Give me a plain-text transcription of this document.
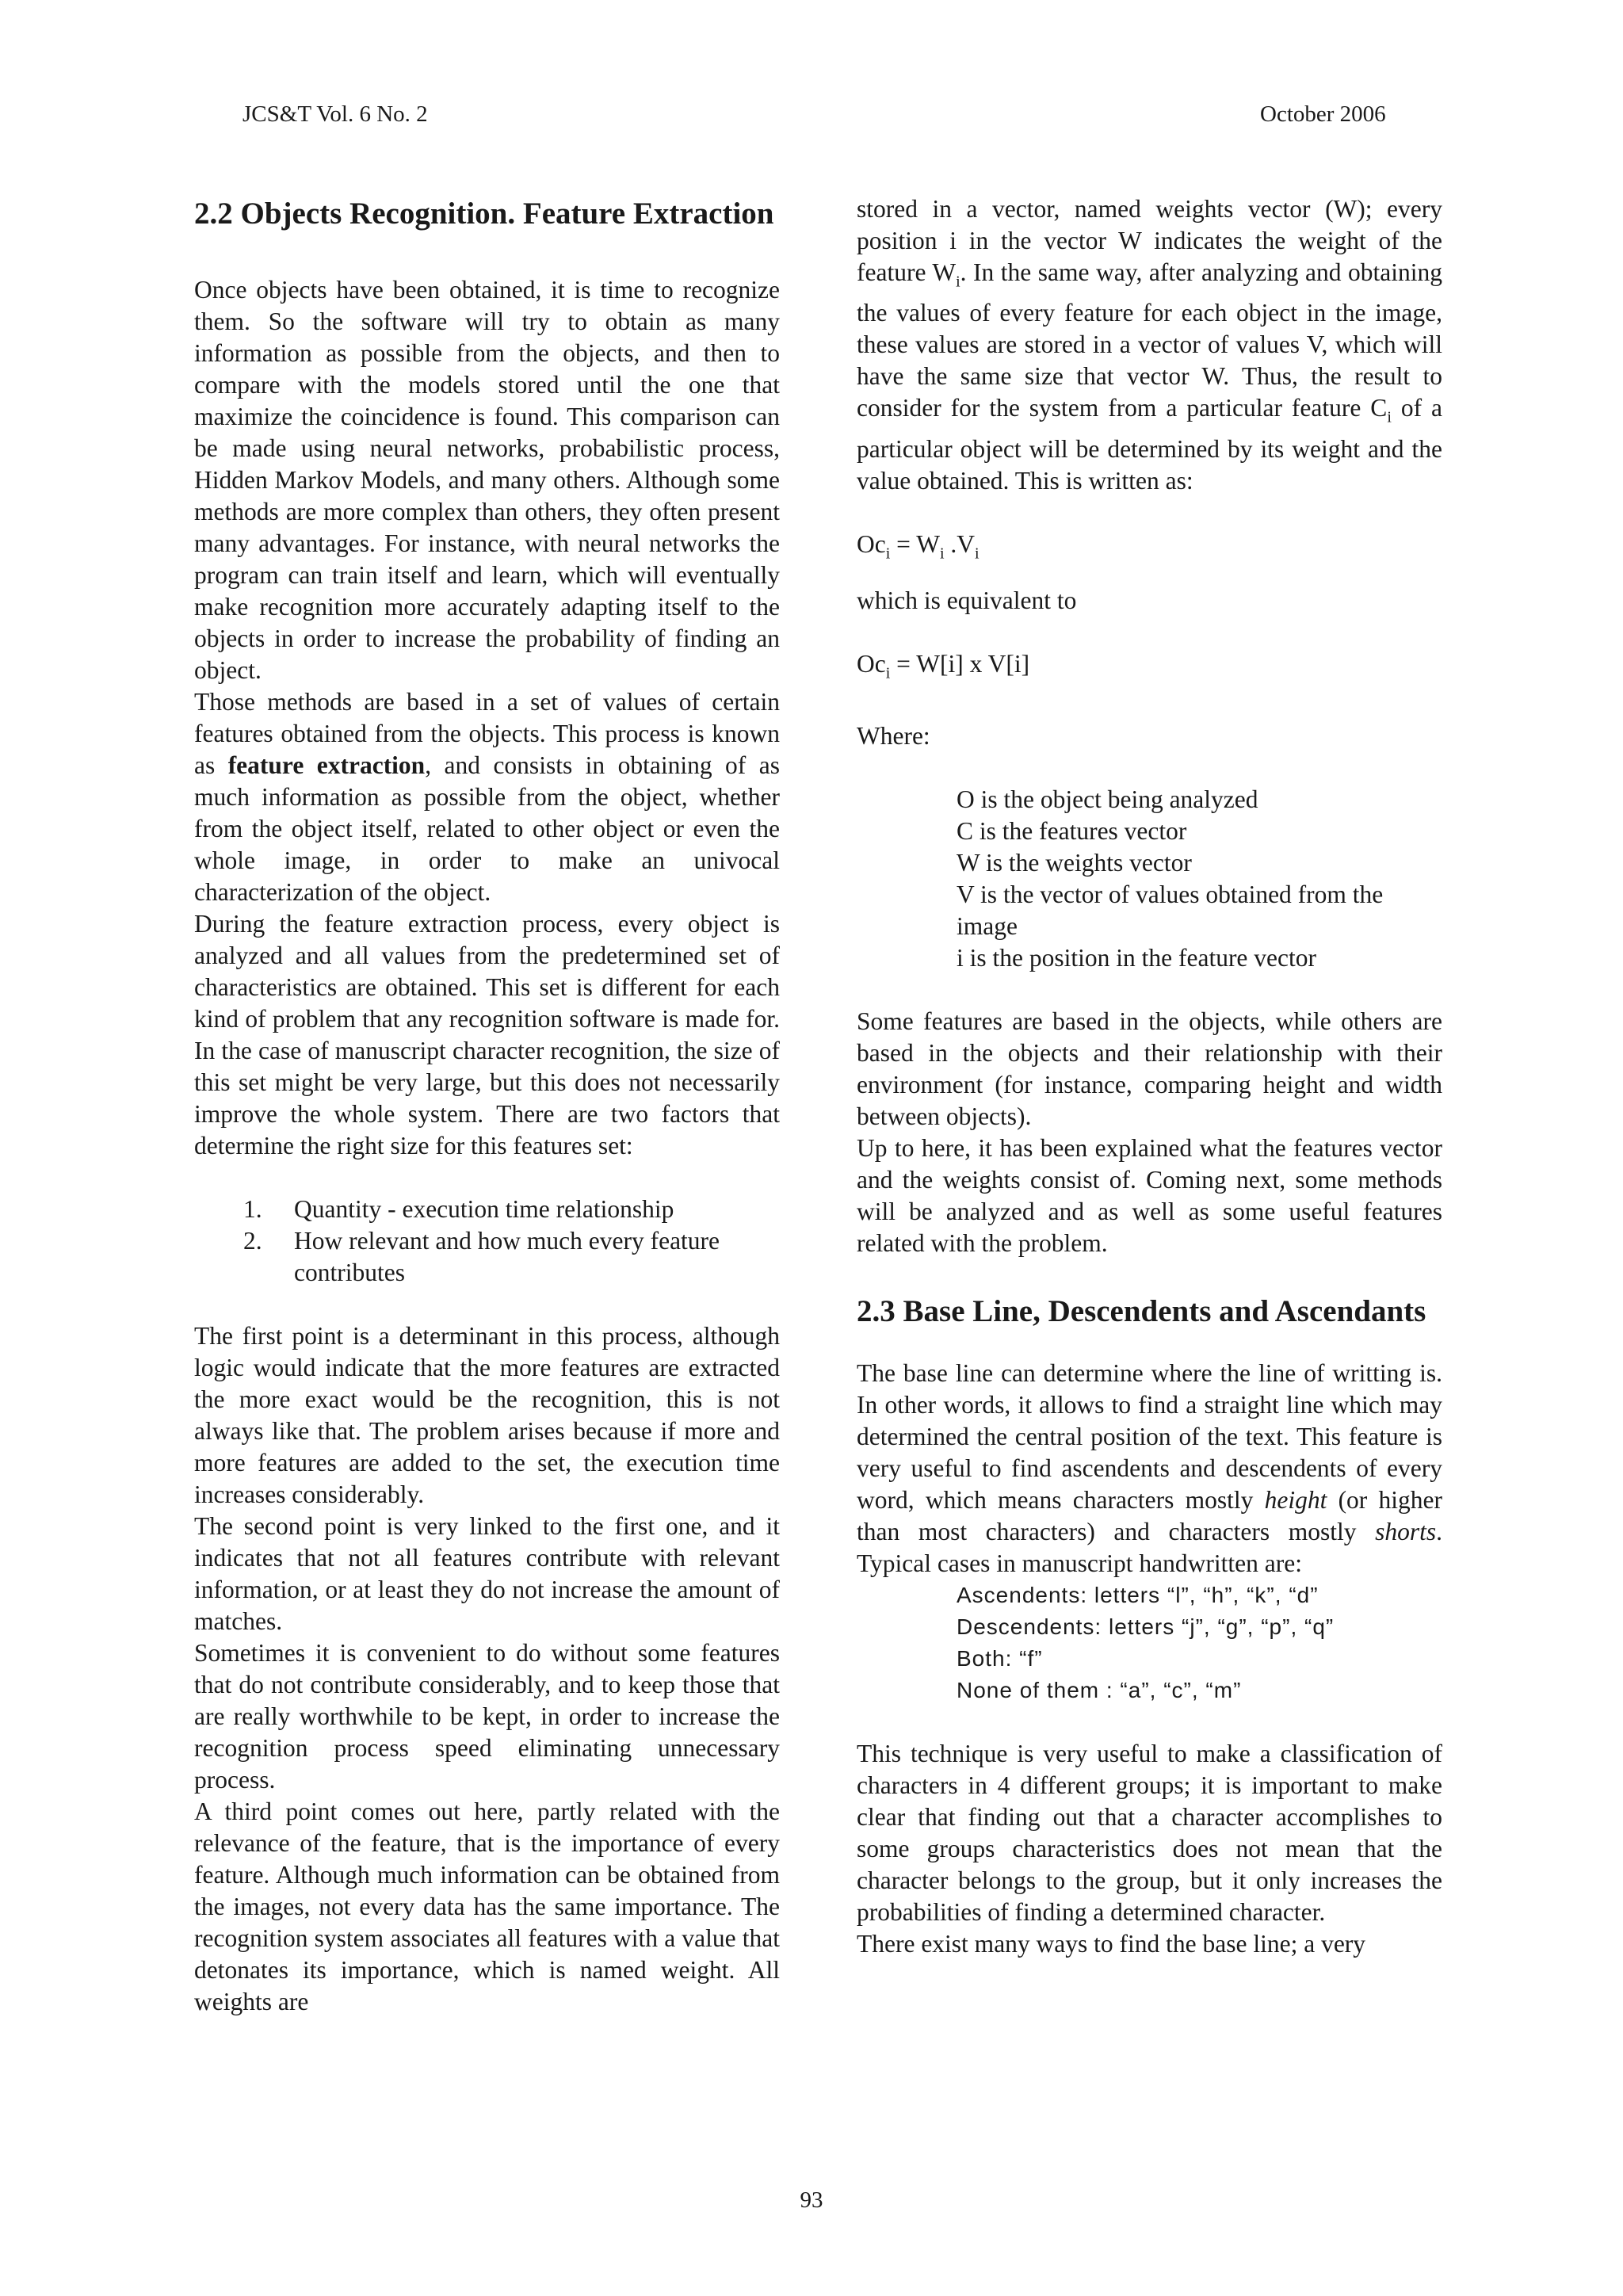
JCS&T Vol. 6 No. 2	October 2006
2.2 Objects Recognition. Feature Extraction

Once objects have been obtained, it is time to recognize them. So the software will try to obtain as many information as possible from the objects, and then to compare with the models stored until the one that maximize the coincidence is found. This comparison can be made using neural networks, probabilistic process, Hidden Markov Models, and many others. Although some methods are more complex than others, they often present many advantages. For instance, with neural networks the program can train itself and learn, which will eventually make recognition more accurately adapting itself to the objects in order to increase the probability of finding an object.

Those methods are based in a set of values of certain features obtained from the objects. This process is known as feature extraction, and consists in obtaining of as much information as possible from the object, whether from the object itself, related to other object or even the whole image, in order to make an univocal characterization of the object.

During the feature extraction process, every object is analyzed and all values from the predetermined set of characteristics are obtained. This set is different for each kind of problem that any recognition software is made for. In the case of manuscript character recognition, the size of this set might be very large, but this does not necessarily improve the whole system. There are two factors that determine the right size for this features set:

1. Quantity - execution time relationship
2. How relevant and how much every feature contributes

The first point is a determinant in this process, although logic would indicate that the more features are extracted the more exact would be the recognition, this is not always like that. The problem arises because if more and more features are added to the set, the execution time increases considerably.

The second point is very linked to the first one, and it indicates that not all features contribute with relevant information, or at least they do not increase the amount of matches.

Sometimes it is convenient to do without some features that do not contribute considerably, and to keep those that are really worthwhile to be kept, in order to increase the recognition process speed eliminating unnecessary process.

A third point comes out here, partly related with the relevance of the feature, that is the importance of every feature. Although much information can be obtained from the images, not every data has the same importance. The recognition system associates all features with a value that detonates its importance, which is named weight. All weights are

stored in a vector, named weights vector (W); every position i in the vector W indicates the weight of the feature $W_i$. In the same way, after analyzing and obtaining the values of every feature for each object in the image, these values are stored in a vector of values V, which will have the same size that vector W. Thus, the result to consider for the system from a particular feature $C_i$ of a particular object will be determined by its weight and the value obtained. This is written as:

$Oc_i = W_i$ $.V_i$

which is equivalent to

$Oc_i = W[i]$ x V[i]

Where:

O is the object being analyzed
C is the features vector
W is the weights vector
V is the vector of values obtained from the image
i is the position in the feature vector

Some features are based in the objects, while others are based in the objects and their relationship with their environment (for instance, comparing height and width between objects).

Up to here, it has been explained what the features vector and the weights consist of. Coming next, some methods will be analyzed and as well as some useful features related with the problem.

2.3 Base Line, Descendents and Ascendants

The base line can determine where the line of writting is. In other words, it allows to find a straight line which may determined the central position of the text. This feature is very useful to find ascendents and descendents of every word, which means characters mostly height (or higher than most characters) and characters mostly shorts. Typical cases in manuscript handwritten are:

Ascendents: letters “l”, “h”, “k”, “d”
Descendents: letters “j”, “g”, “p”, “q”
Both: “f”
None of them : “a”, “c”, “m”

This technique is very useful to make a classification of characters in 4 different groups; it is important to make clear that finding out that a character accomplishes to some groups characteristics does not mean that the character belongs to the group, but it only increases the probabilities of finding a determined character.

There exist many ways to find the base line; a very

93
